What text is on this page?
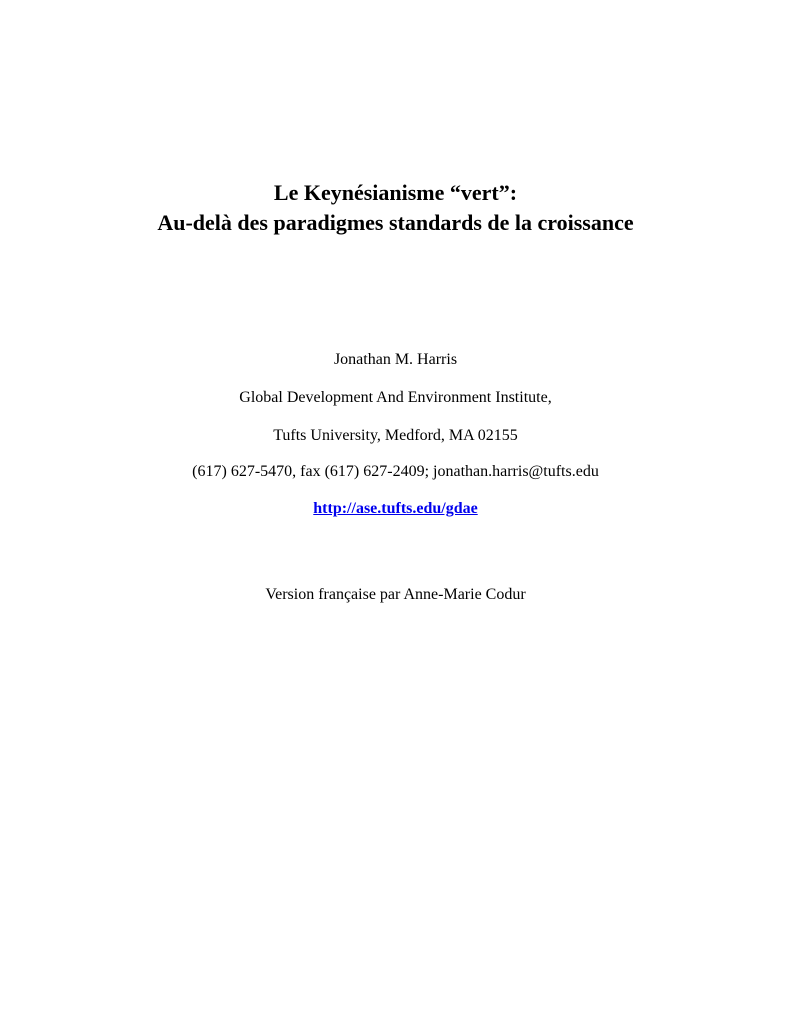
Le Keynésianisme “vert”:
Au-delà des paradigmes standards de la croissance
Jonathan M. Harris
Global Development And Environment Institute,
Tufts University, Medford, MA 02155
(617) 627-5470, fax (617) 627-2409; jonathan.harris@tufts.edu
http://ase.tufts.edu/gdae
Version française par Anne-Marie Codur
